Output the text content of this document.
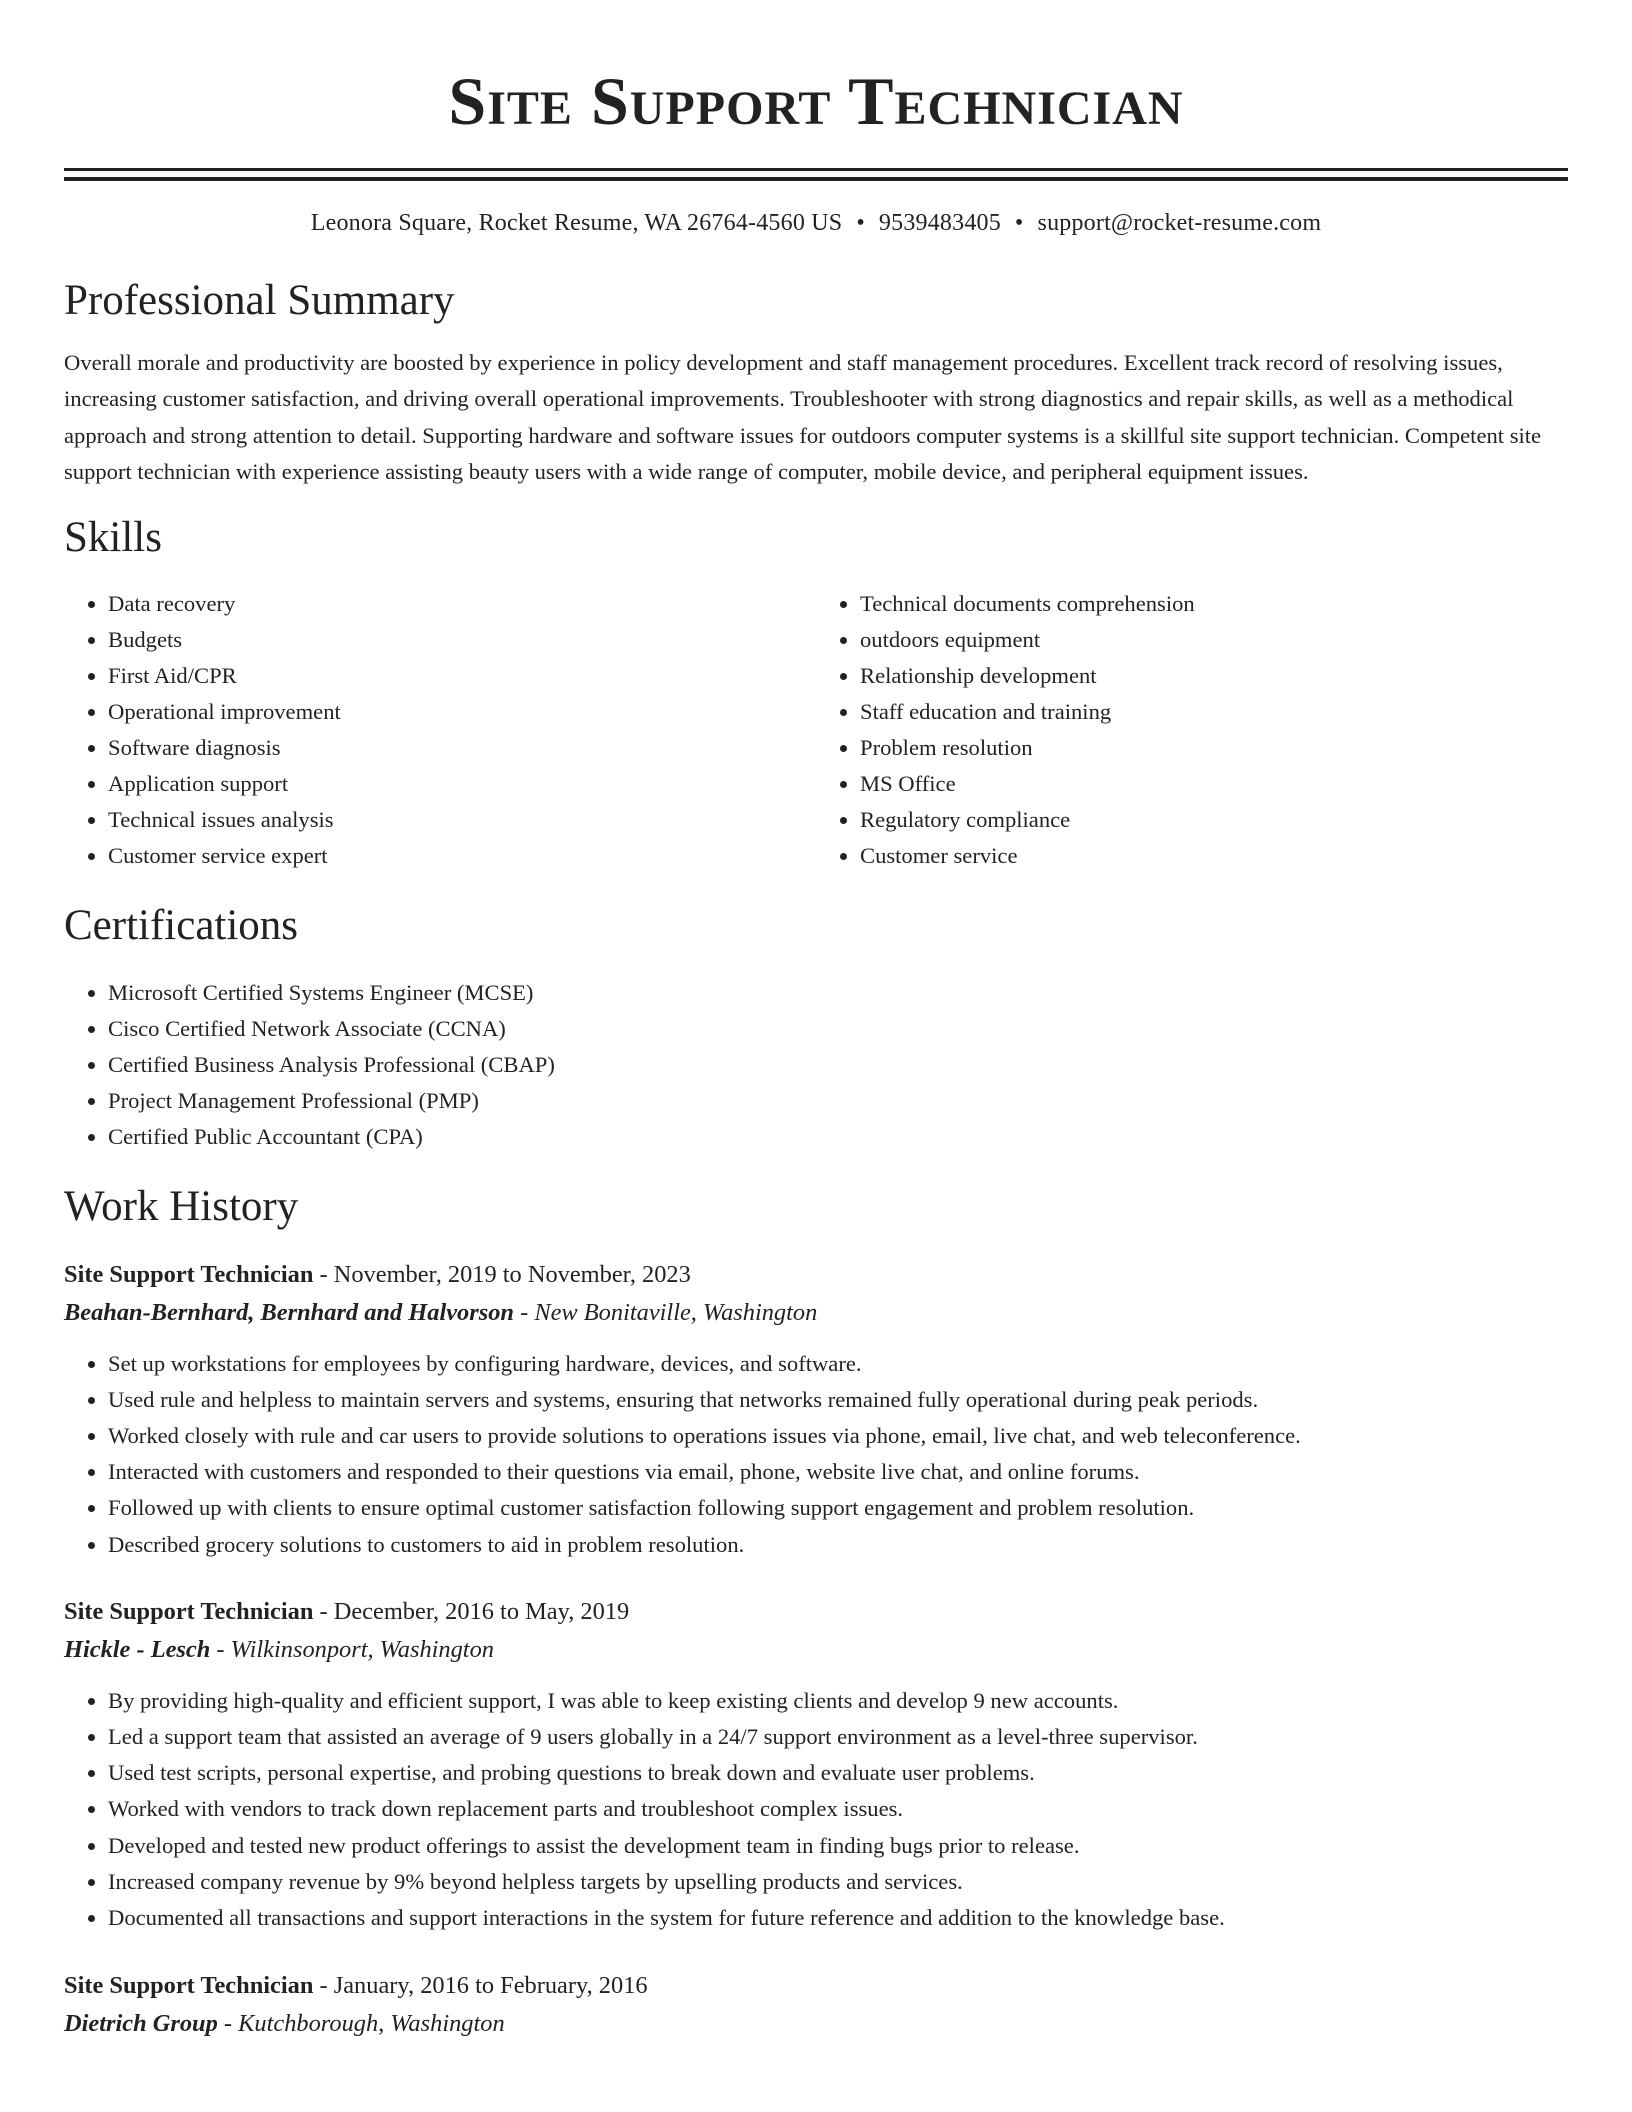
Site Support Technician
Leonora Square, Rocket Resume, WA 26764-4560 US • 9539483405 • support@rocket-resume.com
Professional Summary

Overall morale and productivity are boosted by experience in policy development and staff management procedures. Excellent track record of resolving issues, increasing customer satisfaction, and driving overall operational improvements. Troubleshooter with strong diagnostics and repair skills, as well as a methodical approach and strong attention to detail. Supporting hardware and software issues for outdoors computer systems is a skillful site support technician. Competent site support technician with experience assisting beauty users with a wide range of computer, mobile device, and peripheral equipment issues.

Skills
• Data recovery
• Budgets
• First Aid/CPR
• Operational improvement
• Software diagnosis
• Application support
• Technical issues analysis
• Customer service expert
• Technical documents comprehension
• outdoors equipment
• Relationship development
• Staff education and training
• Problem resolution
• MS Office
• Regulatory compliance
• Customer service
Certifications
• Microsoft Certified Systems Engineer (MCSE)
• Cisco Certified Network Associate (CCNA)
• Certified Business Analysis Professional (CBAP)
• Project Management Professional (PMP)
• Certified Public Accountant (CPA)
Work History
Site Support Technician - November, 2019 to November, 2023
Beahan-Bernhard, Bernhard and Halvorson - New Bonitaville, Washington
• Set up workstations for employees by configuring hardware, devices, and software.
• Used rule and helpless to maintain servers and systems, ensuring that networks remained fully operational during peak periods.
• Worked closely with rule and car users to provide solutions to operations issues via phone, email, live chat, and web teleconference.
• Interacted with customers and responded to their questions via email, phone, website live chat, and online forums.
• Followed up with clients to ensure optimal customer satisfaction following support engagement and problem resolution.
• Described grocery solutions to customers to aid in problem resolution.
Site Support Technician - December, 2016 to May, 2019
Hickle - Lesch - Wilkinsonport, Washington
• By providing high-quality and efficient support, I was able to keep existing clients and develop 9 new accounts.
• Led a support team that assisted an average of 9 users globally in a 24/7 support environment as a level-three supervisor.
• Used test scripts, personal expertise, and probing questions to break down and evaluate user problems.
• Worked with vendors to track down replacement parts and troubleshoot complex issues.
• Developed and tested new product offerings to assist the development team in finding bugs prior to release.
• Increased company revenue by 9% beyond helpless targets by upselling products and services.
• Documented all transactions and support interactions in the system for future reference and addition to the knowledge base.
Site Support Technician - January, 2016 to February, 2016
Dietrich Group - Kutchborough, Washington
